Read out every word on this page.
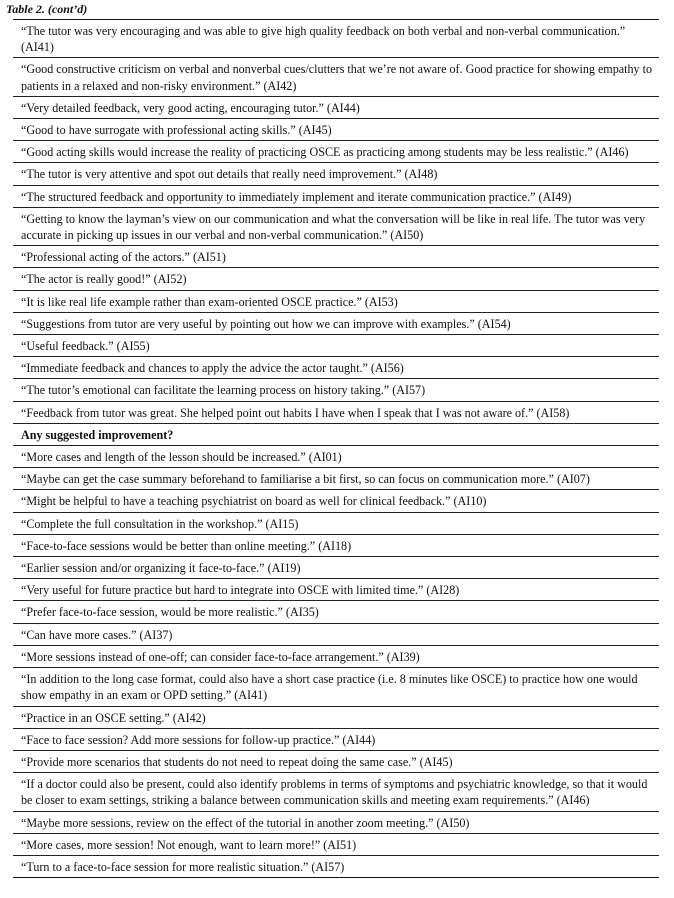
Table 2. (cont’d)
“The tutor was very encouraging and was able to give high quality feedback on both verbal and non-verbal communication.” (AI41)
“Good constructive criticism on verbal and nonverbal cues/clutters that we’re not aware of. Good practice for showing empathy to patients in a relaxed and non-risky environment.” (AI42)
“Very detailed feedback, very good acting, encouraging tutor.” (AI44)
“Good to have surrogate with professional acting skills.” (AI45)
“Good acting skills would increase the reality of practicing OSCE as practicing among students may be less realistic.” (AI46)
“The tutor is very attentive and spot out details that really need improvement.” (AI48)
“The structured feedback and opportunity to immediately implement and iterate communication practice.” (AI49)
“Getting to know the layman’s view on our communication and what the conversation will be like in real life. The tutor was very accurate in picking up issues in our verbal and non-verbal communication.” (AI50)
“Professional acting of the actors.” (AI51)
“The actor is really good!” (AI52)
“It is like real life example rather than exam-oriented OSCE practice.” (AI53)
“Suggestions from tutor are very useful by pointing out how we can improve with examples.” (AI54)
“Useful feedback.” (AI55)
“Immediate feedback and chances to apply the advice the actor taught.” (AI56)
“The tutor’s emotional can facilitate the learning process on history taking.” (AI57)
“Feedback from tutor was great. She helped point out habits I have when I speak that I was not aware of.” (AI58)
Any suggested improvement?
“More cases and length of the lesson should be increased.” (AI01)
“Maybe can get the case summary beforehand to familiarise a bit first, so can focus on communication more.” (AI07)
“Might be helpful to have a teaching psychiatrist on board as well for clinical feedback.” (AI10)
“Complete the full consultation in the workshop.” (AI15)
“Face-to-face sessions would be better than online meeting.” (AI18)
“Earlier session and/or organizing it face-to-face.” (AI19)
“Very useful for future practice but hard to integrate into OSCE with limited time.” (AI28)
“Prefer face-to-face session, would be more realistic.” (AI35)
“Can have more cases.” (AI37)
“More sessions instead of one-off; can consider face-to-face arrangement.” (AI39)
“In addition to the long case format, could also have a short case practice (i.e. 8 minutes like OSCE) to practice how one would show empathy in an exam or OPD setting.” (AI41)
“Practice in an OSCE setting.” (AI42)
“Face to face session? Add more sessions for follow-up practice.” (AI44)
“Provide more scenarios that students do not need to repeat doing the same case.” (AI45)
“If a doctor could also be present, could also identify problems in terms of symptoms and psychiatric knowledge, so that it would be closer to exam settings, striking a balance between communication skills and meeting exam requirements.” (AI46)
“Maybe more sessions, review on the effect of the tutorial in another zoom meeting.” (AI50)
“More cases, more session! Not enough, want to learn more!” (AI51)
“Turn to a face-to-face session for more realistic situation.” (AI57)
